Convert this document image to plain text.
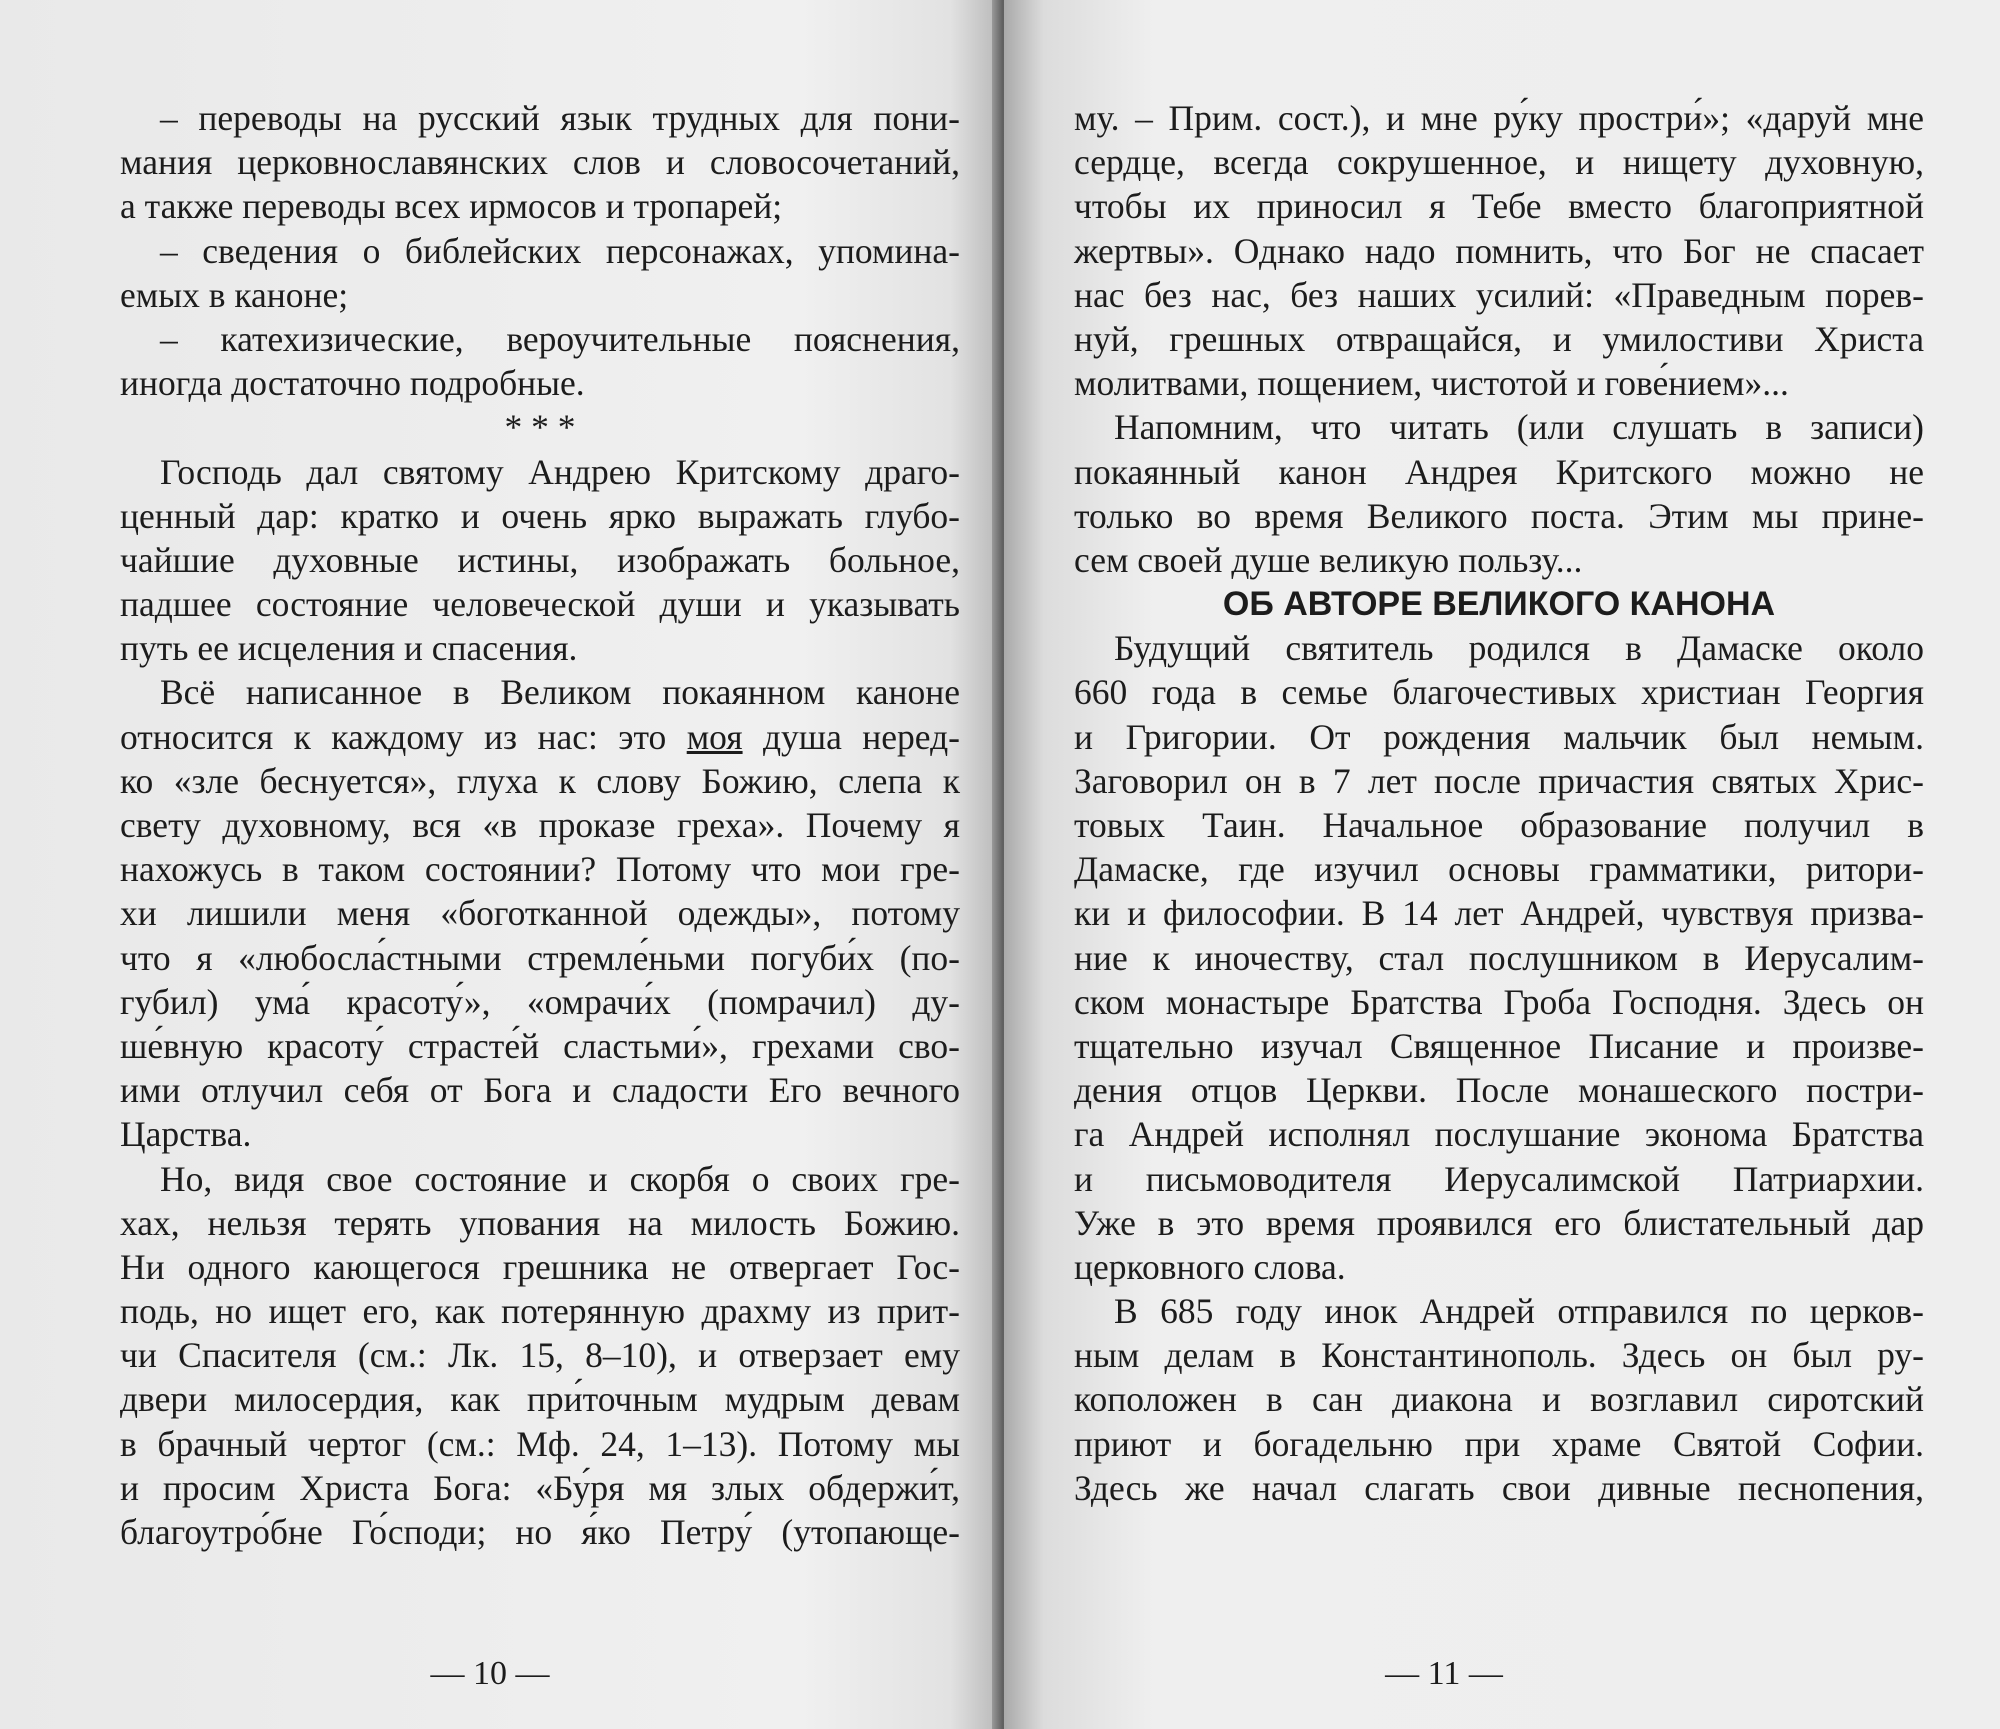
– переводы на русский язык трудных для пони-
мания церковнославянских слов и словосочетаний,
а также переводы всех ирмосов и тропарей;
– сведения о библейских персонажах, упомина-
емых в каноне;
– катехизические, вероучительные пояснения,
иногда достаточно подробные.
* * *
Господь дал святому Андрею Критскому драго-
ценный дар: кратко и очень ярко выражать глубо-
чайшие духовные истины, изображать больное,
падшее состояние человеческой души и указывать
путь ее исцеления и спасения.
Всё написанное в Великом покаянном каноне
относится к каждому из нас: это моя душа неред-
ко «зле беснуется», глуха к слову Божию, слепа к
свету духовному, вся «в проказе греха». Почему я
нахожусь в таком состоянии? Потому что мои гре-
хи лишили меня «боготканной одежды», потому
что я «любосла́стными стремле́ньми погуби́х (по-
губил) ума́ красоту́», «омрачи́х (помрачил) ду-
ше́вную красоту́ страсте́й сластьми́», грехами сво-
ими отлучил себя от Бога и сладости Его вечного
Царства.
Но, видя свое состояние и скорбя о своих гре-
хах, нельзя терять упования на милость Божию.
Ни одного кающегося грешника не отвергает Гос-
подь, но ищет его, как потерянную драхму из прит-
чи Спасителя (см.: Лк. 15, 8–10), и отверзает ему
двери милосердия, как при́точным мудрым девам
в брачный чертог (см.: Мф. 24, 1–13). Потому мы
и просим Христа Бога: «Бу́ря мя злых обдержи́т,
благоутро́бне Го́споди; но я́ко Петру́ (утопающе-
— 10 —
му. – Прим. сост.), и мне ру́ку простри́»; «даруй мне
сердце, всегда сокрушенное, и нищету духовную,
чтобы их приносил я Тебе вместо благоприятной
жертвы». Однако надо помнить, что Бог не спасает
нас без нас, без наших усилий: «Праведным порев-
нуй, грешных отвращайся, и умилостиви Христа
молитвами, пощением, чистотой и гове́нием»...
Напомним, что читать (или слушать в записи)
покаянный канон Андрея Критского можно не
только во время Великого поста. Этим мы прине-
сем своей душе великую пользу...
ОБ АВТОРЕ ВЕЛИКОГО КАНОНА
Будущий святитель родился в Дамаске около
660 года в семье благочестивых христиан Георгия
и Григории. От рождения мальчик был немым.
Заговорил он в 7 лет после причастия святых Хрис-
товых Таин. Начальное образование получил в
Дамаске, где изучил основы грамматики, ритори-
ки и философии. В 14 лет Андрей, чувствуя призва-
ние к иночеству, стал послушником в Иерусалим-
ском монастыре Братства Гроба Господня. Здесь он
тщательно изучал Священное Писание и произве-
дения отцов Церкви. После монашеского постри-
га Андрей исполнял послушание эконома Братства
и письмоводителя Иерусалимской Патриархии.
Уже в это время проявился его блистательный дар
церковного слова.
В 685 году инок Андрей отправился по церков-
ным делам в Константинополь. Здесь он был ру-
коположен в сан диакона и возглавил сиротский
приют и богадельню при храме Святой Софии.
Здесь же начал слагать свои дивные песнопения,
— 11 —
